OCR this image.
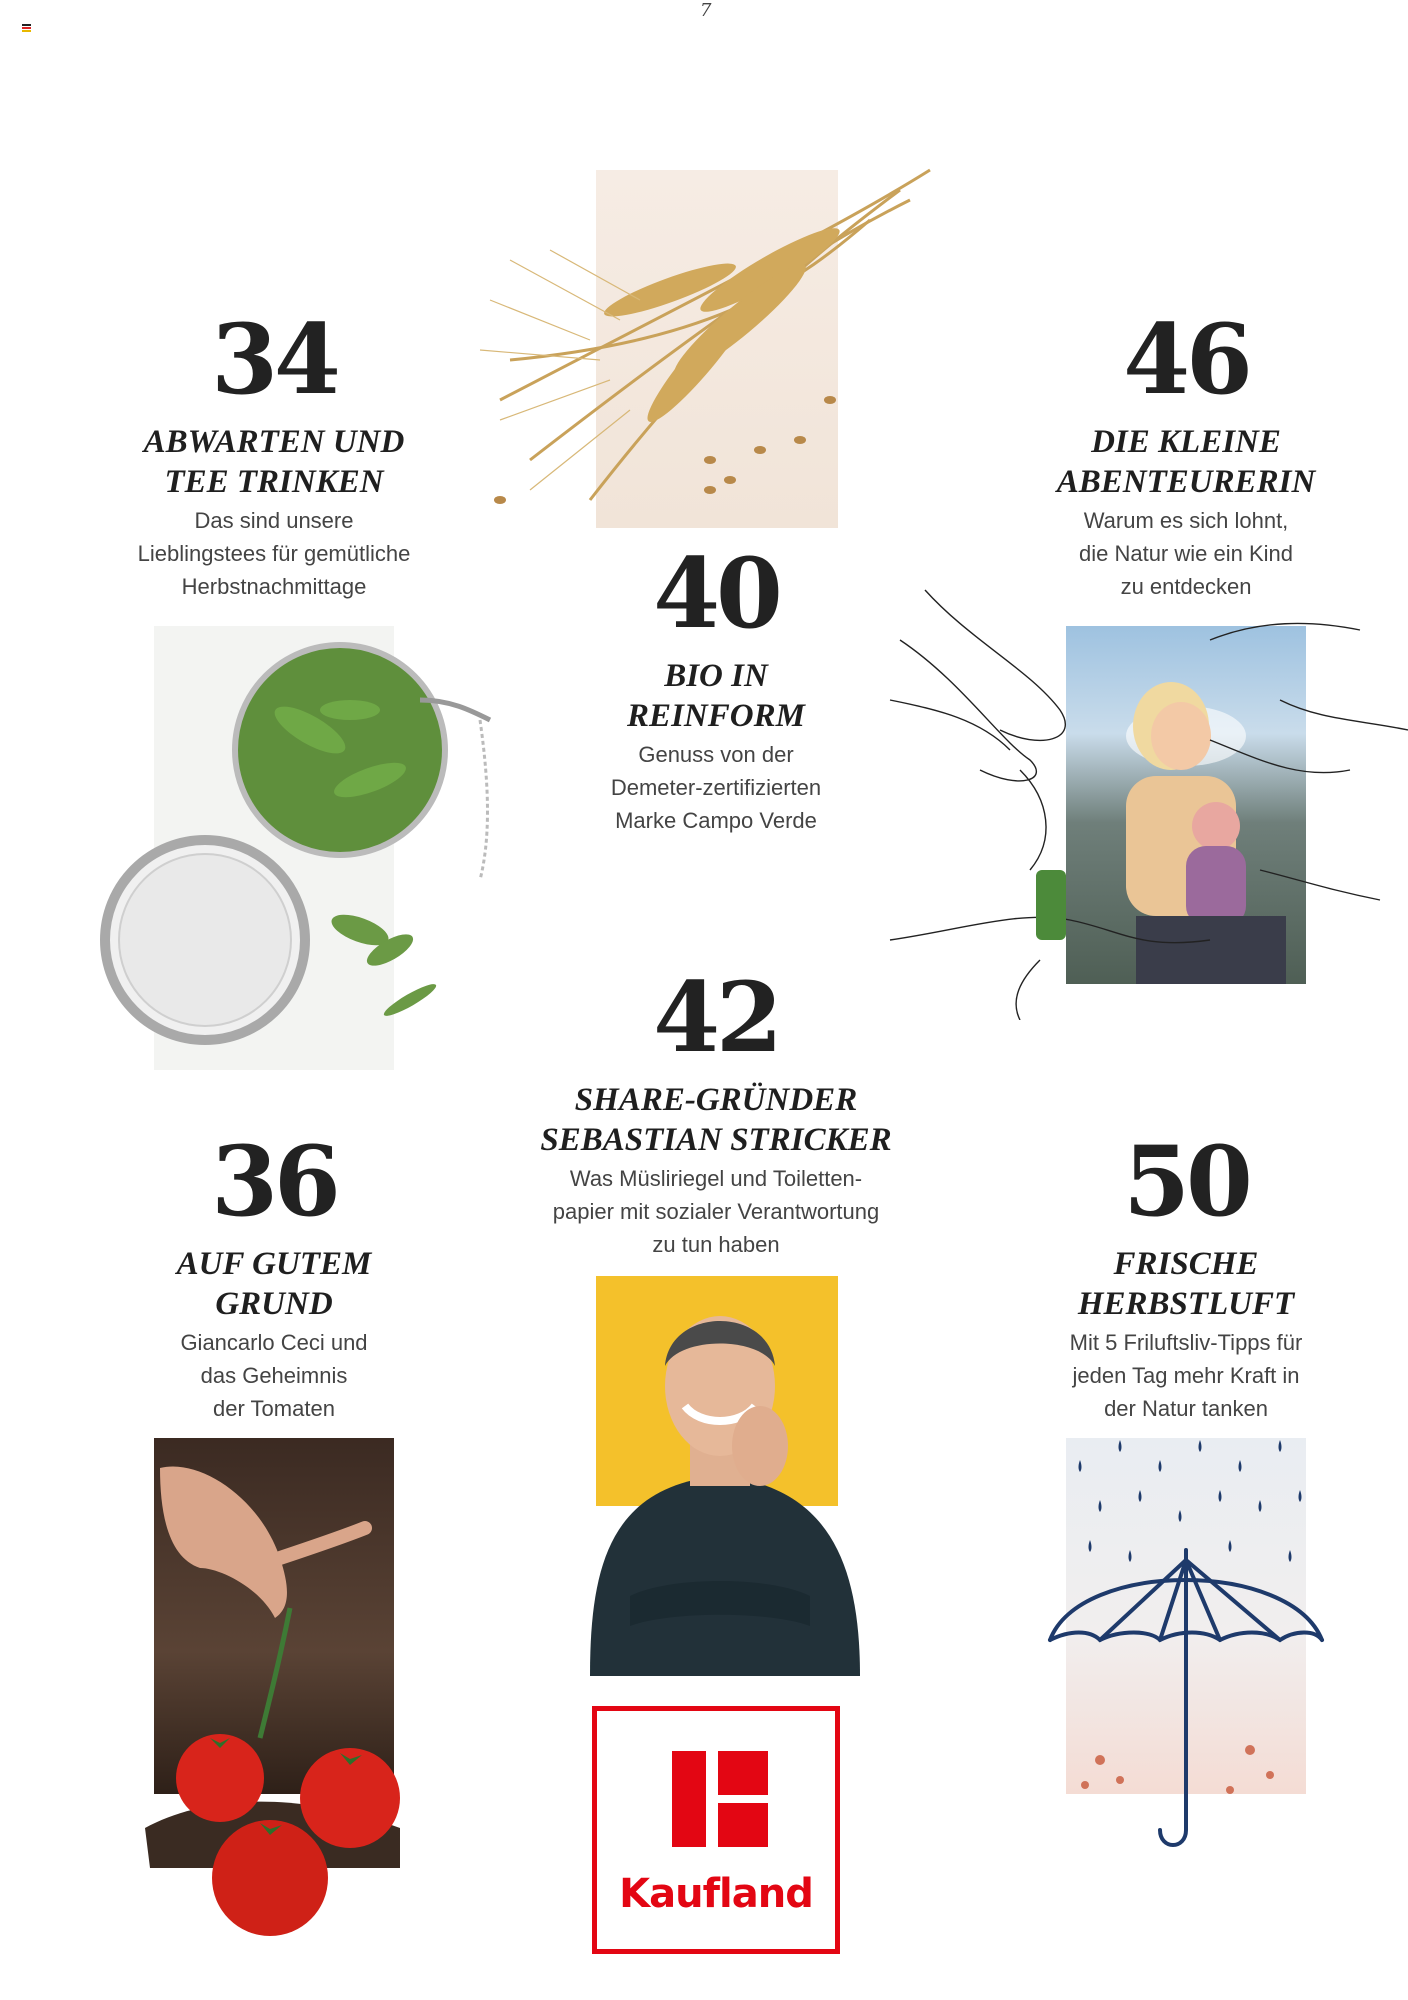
7
34
ABWARTEN UND
TEE TRINKEN
Das sind unsere
Lieblingstees für gemütliche
Herbstnachmittage	40
BIO IN
REINFORM
Genuss von der
Demeter-zertifizierten
Marke Campo Verde
46
DIE KLEINE
ABENTEURERIN
Warum es sich lohnt,
die Natur wie ein Kind
zu entdecken
42
SHARE-GRÜNDER
SEBASTIAN STRICKER
Was Müsliriegel und Toiletten-
papier mit sozialer Verantwortung
zu tun haben
36
AUF GUTEM
GRUND
Giancarlo Ceci und
das Geheimnis
der Tomaten
50
FRISCHE
HERBSTLUFT
Mit 5 Friluftsliv-Tipps für
jeden Tag mehr Kraft in
der Natur tanken
Kaufland
